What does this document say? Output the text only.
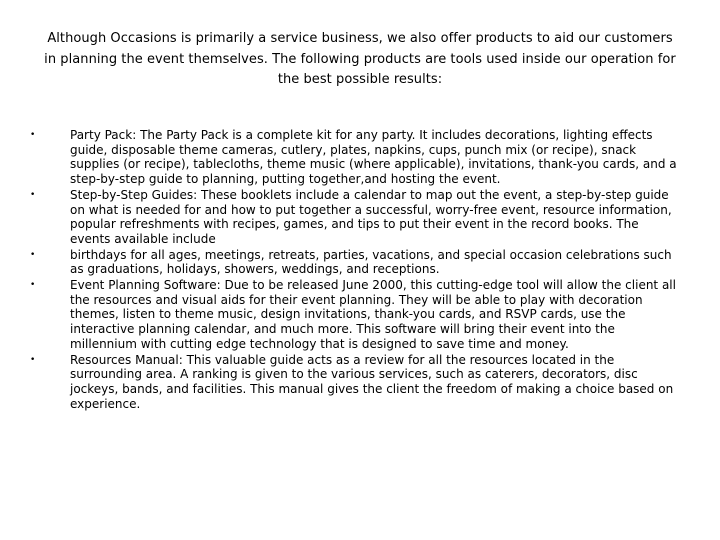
Although Occasions is primarily a service business, we also offer products to aid our customers in planning the event themselves. The following products are tools used inside our operation for the best possible results:

•	Party Pack: The Party Pack is a complete kit for any party. It includes decorations, lighting effects guide, disposable theme cameras, cutlery, plates, napkins, cups, punch mix (or recipe), snack supplies (or recipe), tablecloths, theme music (where applicable), invitations, thank-you cards, and a step-by-step guide to planning, putting together,and hosting the event.
•	Step-by-Step Guides: These booklets include a calendar to map out the event, a step-by-step guide on what is needed for and how to put together a successful, worry-free event, resource information, popular refreshments with recipes, games, and tips to put their event in the record books. The events available include
•	birthdays for all ages, meetings, retreats, parties, vacations, and special occasion celebrations such as graduations, holidays, showers, weddings, and receptions.
•	Event Planning Software: Due to be released June 2000, this cutting-edge tool will allow the client all the resources and visual aids for their event planning. They will be able to play with decoration themes, listen to theme music, design invitations, thank-you cards, and RSVP cards, use the interactive planning calendar, and much more. This software will bring their event into the millennium with cutting edge technology that is designed to save time and money.
•	Resources Manual: This valuable guide acts as a review for all the resources located in the surrounding area. A ranking is given to the various services, such as caterers, decorators, disc jockeys, bands, and facilities. This manual gives the client the freedom of making a choice based on experience.
